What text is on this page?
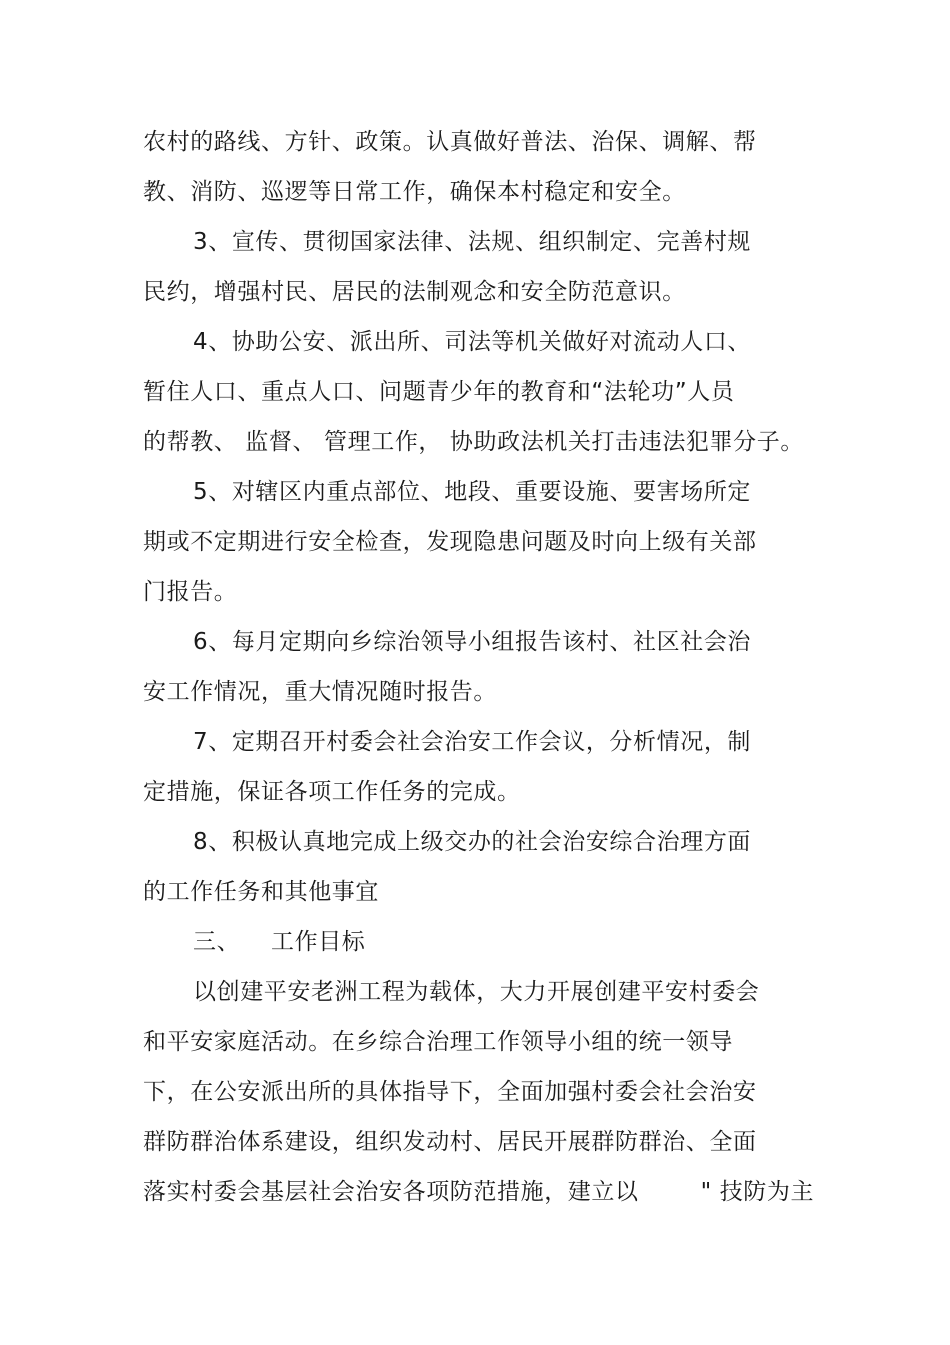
农村的路线、方针、政策。认真做好普法、治保、调解、帮
教、消防、巡逻等日常工作，确保本村稳定和安全。
3、宣传、贯彻国家法律、法规、组织制定、完善村规
民约，增强村民、居民的法制观念和安全防范意识。
4、协助公安、派出所、司法等机关做好对流动人口、
暂住人口、重点人口、问题青少年的教育和“法轮功”人员
的帮教、 监督、 管理工作， 协助政法机关打击违法犯罪分子。
5、对辖区内重点部位、地段、重要设施、要害场所定
期或不定期进行安全检查，发现隐患问题及时向上级有关部
门报告。
6、每月定期向乡综治领导小组报告该村、社区社会治
安工作情况，重大情况随时报告。
7、定期召开村委会社会治安工作会议，分析情况，制
定措施，保证各项工作任务的完成。
8、积极认真地完成上级交办的社会治安综合治理方面
的工作任务和其他事宜
三、 工作目标
以创建平安老洲工程为载体，大力开展创建平安村委会
和平安家庭活动。在乡综合治理工作领导小组的统一领导
下，在公安派出所的具体指导下，全面加强村委会社会治安
群防群治体系建设，组织发动村、居民开展群防群治、全面
落实村委会基层社会治安各项防范措施，建立以	" 技防为主
